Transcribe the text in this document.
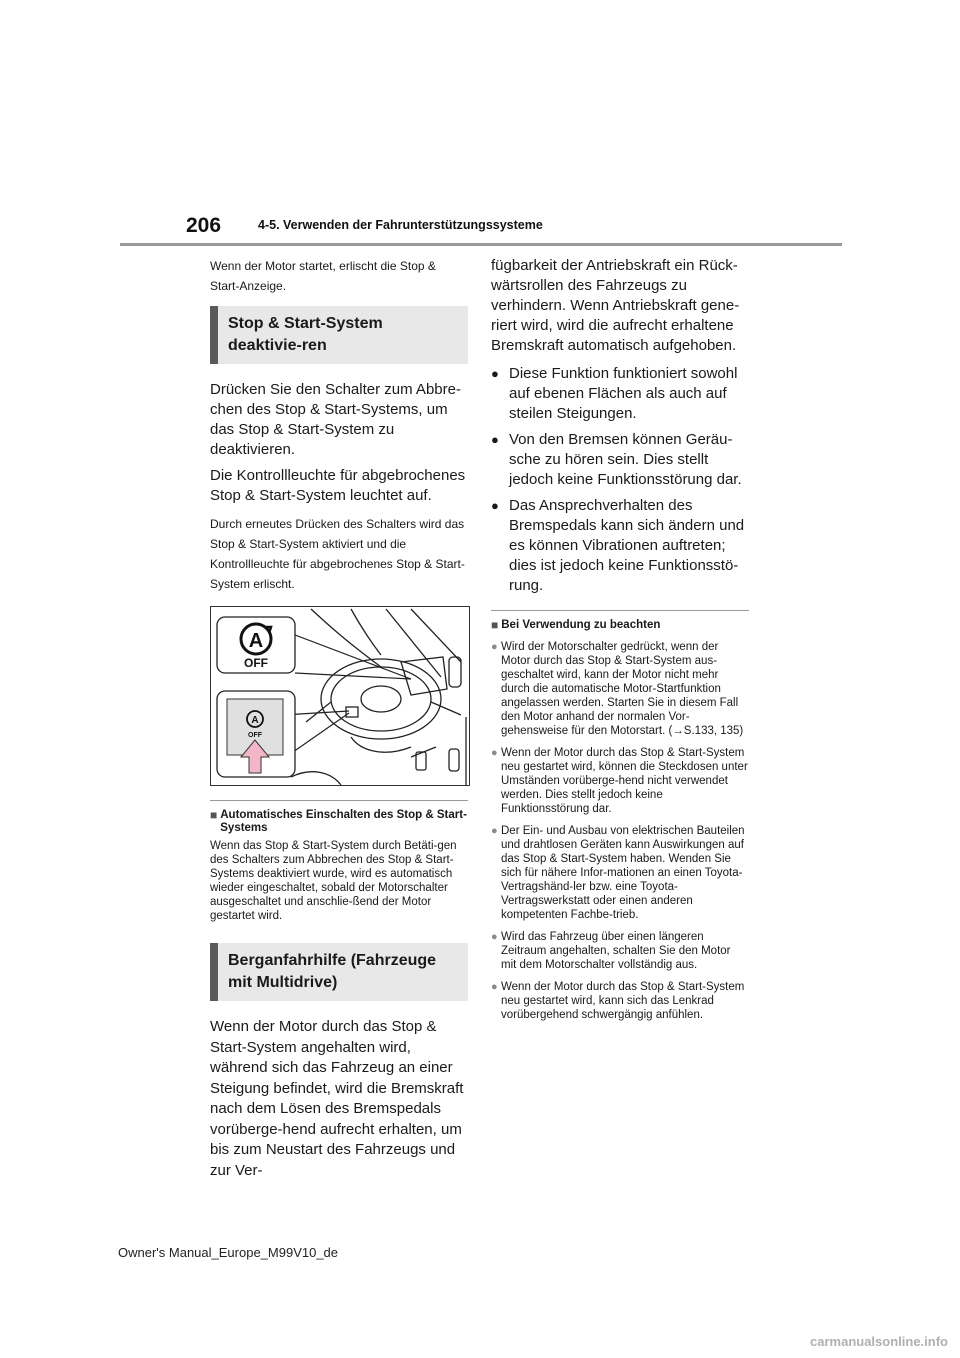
206	4-5. Verwenden der Fahrunterstützungssysteme

Wenn der Motor startet, erlischt die Stop & Start-Anzeige.

Stop & Start-System deaktivie-ren

Drücken Sie den Schalter zum Abbre-chen des Stop & Start-Systems, um das Stop & Start-System zu deaktivieren.

Die Kontrollleuchte für abgebrochenes Stop & Start-System leuchtet auf.

Durch erneutes Drücken des Schalters wird das Stop & Start-System aktiviert und die Kontrollleuchte für abgebrochenes Stop & Start-System erlischt.

A
OFF
A
OFF
■ Automatisches Einschalten des Stop & Start-Systems

Wenn das Stop & Start-System durch Betäti-gen des Schalters zum Abbrechen des Stop & Start-Systems deaktiviert wurde, wird es automatisch wieder eingeschaltet, sobald der Motorschalter ausgeschaltet und anschlie-ßend der Motor gestartet wird.

Berganfahrhilfe (Fahrzeuge mit Multidrive)

Wenn der Motor durch das Stop & Start-System angehalten wird, während sich das Fahrzeug an einer Steigung befindet, wird die Bremskraft nach dem Lösen des Bremspedals vorüberge-hend aufrecht erhalten, um bis zum Neustart des Fahrzeugs und zur Ver-

fügbarkeit der Antriebskraft ein Rück-wärtsrollen des Fahrzeugs zu verhindern. Wenn Antriebskraft gene-riert wird, wird die aufrecht erhaltene Bremskraft automatisch aufgehoben.

● Diese Funktion funktioniert sowohl auf ebenen Flächen als auch auf steilen Steigungen.
● Von den Bremsen können Geräu-sche zu hören sein. Dies stellt jedoch keine Funktionsstörung dar.
● Das Ansprechverhalten des Bremspedals kann sich ändern und es können Vibrationen auftreten; dies ist jedoch keine Funktionsstö-rung.
■ Bei Verwendung zu beachten
● Wird der Motorschalter gedrückt, wenn der Motor durch das Stop & Start-System aus-geschaltet wird, kann der Motor nicht mehr durch die automatische Motor-Startfunktion angelassen werden. Starten Sie in diesem Fall den Motor anhand der normalen Vor-gehensweise für den Motorstart. (→S.133, 135)
● Wenn der Motor durch das Stop & Start-System neu gestartet wird, können die Steckdosen unter Umständen vorüberge-hend nicht verwendet werden. Dies stellt jedoch keine Funktionsstörung dar.
● Der Ein- und Ausbau von elektrischen Bauteilen und drahtlosen Geräten kann Auswirkungen auf das Stop & Start-System haben. Wenden Sie sich für nähere Infor-mationen an einen Toyota-Vertragshänd-ler bzw. eine Toyota-Vertragswerkstatt oder einen anderen kompetenten Fachbe-trieb.
● Wird das Fahrzeug über einen längeren Zeitraum angehalten, schalten Sie den Motor mit dem Motorschalter vollständig aus.
● Wenn der Motor durch das Stop & Start-System neu gestartet wird, kann sich das Lenkrad vorübergehend schwergängig anfühlen.
Owner's Manual_Europe_M99V10_de
carmanualsonline.info
